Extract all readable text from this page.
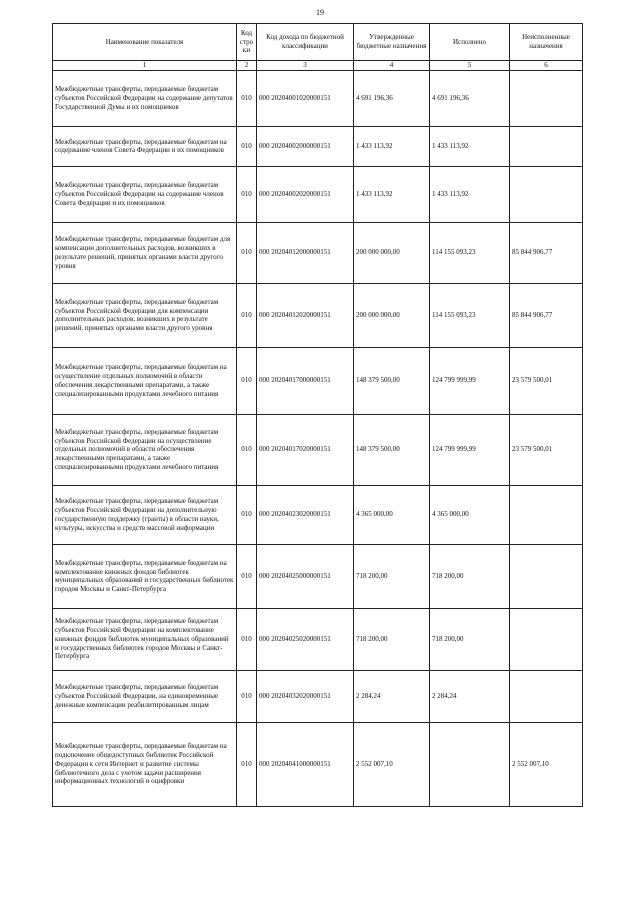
19
Наименование показателя	Код стро ки	Код дохода по бюджетной классификации	Утвержденные бюджетные назначения	Исполнено	Неисполненные назначения
1	2	3	4	5	6
Межбюджетные трансферты, передаваемые бюджетам субъектов Российской Федерации на содержание депутатов Государственной Думы и их помощников	010	000 20204001020000151	4 691 196,36	4 691 196,36	
Межбюджетные трансферты, передаваемые бюджетам на содержание членов Совета Федерации и их помощников	010	000 20204002000000151	1 433 113,92	1 433 113,92	
Межбюджетные трансферты, передаваемые бюджетам субъектов Российской Федерации на содержание членов Совета Федерации и их помощников	010	000 20204002020000151	1 433 113,92	1 433 113,92	
Межбюджетные трансферты, передаваемые бюджетам для компенсации дополнительных расходов, возникших в результате решений, принятых органами власти другого уровня	010	000 20204012000000151	200 000 000,00	114 155 093,23	85 844 906,77
Межбюджетные трансферты, передаваемые бюджетам субъектов Российской Федерации для компенсации дополнительных расходов, возникших в результате решений, принятых органами власти другого уровня	010	000 20204012020000151	200 000 000,00	114 155 093,23	85 844 906,77
Межбюджетные трансферты, передаваемые бюджетам на осуществление отдельных полномочий в области обеспечения лекарственными препаратами, а также специализированными продуктами лечебного питания	010	000 20204017000000151	148 379 500,00	124 799 999,99	23 579 500,01
Межбюджетные трансферты, передаваемые бюджетам субъектов Российской Федерации на осуществление отдельных полномочий в области обеспечения лекарственными препаратами, а также специализированными продуктами лечебного питания	010	000 20204017020000151	148 379 500,00	124 799 999,99	23 579 500,01
Межбюджетные трансферты, передаваемые бюджетам субъектов Российской Федерации на дополнительную государственную поддержку (гранты) в области науки, культуры, искусства и средств массовой информации	010	000 20204023020000151	4 365 000,00	4 365 000,00	
Межбюджетные трансферты, передаваемые бюджетам на комплектование книжных фондов библиотек муниципальных образований и государственных библиотек городов Москвы и Санкт-Петербурга	010	000 20204025000000151	718 200,00	718 200,00	
Межбюджетные трансферты, передаваемые бюджетам субъектов Российской Федерации на комплектование книжных фондов библиотек муниципальных образований и государственных библиотек городов Москвы и Санкт-Петербурга	010	000 20204025020000151	718 200,00	718 200,00	
Межбюджетные трансферты, передаваемые бюджетам субъектов Российской Федерации, на единовременные денежные компенсации реабилитированным лицам	010	000 20204032020000151	2 284,24	2 284,24	
Межбюджетные трансферты, передаваемые бюджетам на подключение общедоступных библиотек Российской Федерации к сети Интернет и развитие системы библиотечного дела с учетом задачи расширения информационных технологий и оцифровки	010	000 20204041000000151	2 552 007,10		2 552 007,10
